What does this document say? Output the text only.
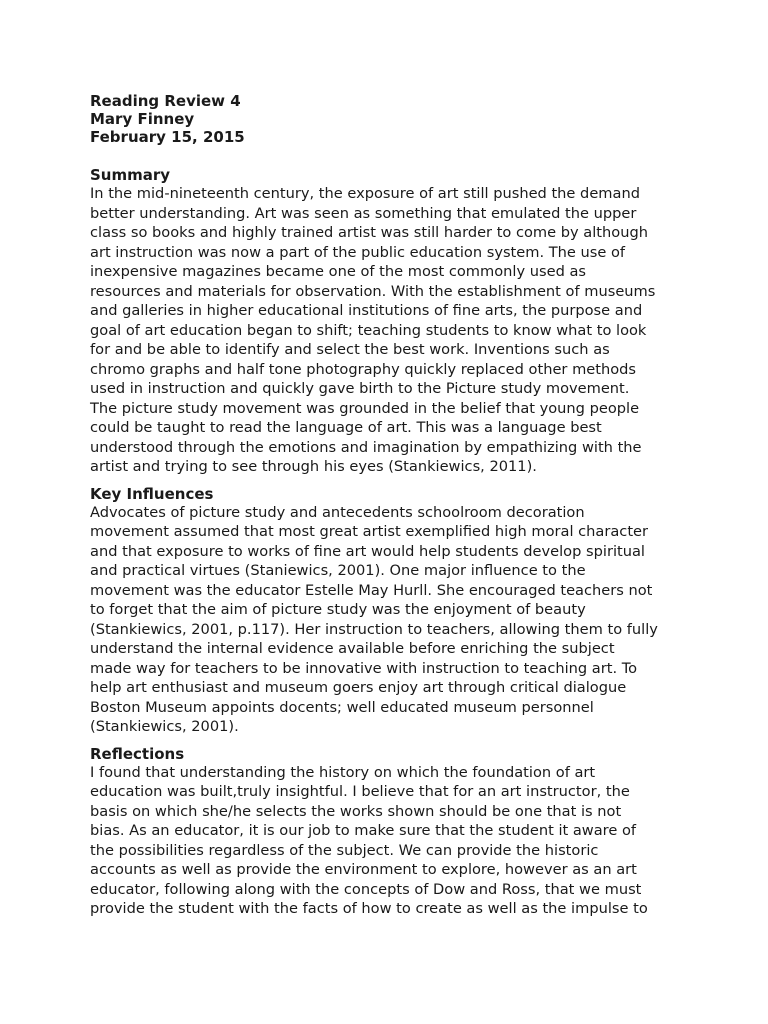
Reading Review 4

Mary Finney

February 15, 2015

Summary

In the mid-nineteenth century, the exposure of art still pushed the demand
better understanding. Art was seen as something that emulated the upper
class so books and highly trained artist was still harder to come by although
art instruction was now a part of the public education system. The use of
inexpensive magazines became one of the most commonly used as
resources and materials for observation. With the establishment of museums
and galleries in higher educational institutions of fine arts, the purpose and
goal of art education began to shift; teaching students to know what to look
for and be able to identify and select the best work. Inventions such as
chromo graphs and half tone photography quickly replaced other methods
used in instruction and quickly gave birth to the Picture study movement.
The picture study movement was grounded in the belief that young people
could be taught to read the language of art. This was a language best
understood through the emotions and imagination by empathizing with the
artist and trying to see through his eyes (Stankiewics, 2011).

Key Influences

Advocates of picture study and antecedents schoolroom decoration
movement assumed that most great artist exemplified high moral character
and that exposure to works of fine art would help students develop spiritual
and practical virtues (Staniewics, 2001). One major influence to the
movement was the educator Estelle May Hurll. She encouraged teachers not
to forget that the aim of picture study was the enjoyment of beauty
(Stankiewics, 2001, p.117). Her instruction to teachers, allowing them to fully
understand the internal evidence available before enriching the subject
made way for teachers to be innovative with instruction to teaching art. To
help art enthusiast and museum goers enjoy art through critical dialogue
Boston Museum appoints docents; well educated museum personnel
(Stankiewics, 2001).

Reflections

I found that understanding the history on which the foundation of art
education was built,truly insightful. I believe that for an art instructor, the
basis on which she/he selects the works shown should be one that is not
bias. As an educator, it is our job to make sure that the student it aware of
the possibilities regardless of the subject. We can provide the historic
accounts as well as provide the environment to explore, however as an art
educator, following along with the concepts of Dow and Ross, that we must
provide the student with the facts of how to create as well as the impulse to
